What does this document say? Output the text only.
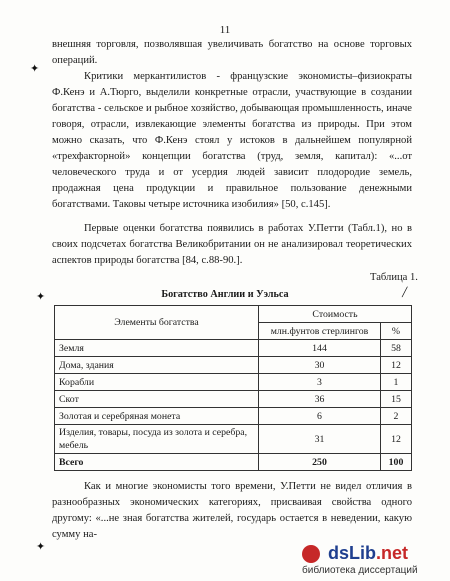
11
✦
✦
✦
╱

внешняя торговля, позволявшая увеличивать богатство на основе торговых операций.

Критики меркантилистов - французские экономисты–физиократы Ф.Кенэ и А.Тюрго, выделили конкретные отрасли, участвующие в создании богатства - сельское и рыбное хозяйство, добывающая промышленность, иначе говоря, отрасли, извлекающие элементы богатства из природы. При этом можно сказать, что Ф.Кенэ стоял у истоков в дальнейшем популярной «трехфакторной» концепции богатства (труд, земля, капитал): «...от человеческого труда и от усердия людей зависит плодородие земель, продажная цена продукции и правильное пользование денежными богатствами. Таковы четыре источника изобилия» [50, с.145].

Первые оценки богатства появились в работах У.Петти (Табл.1), но в своих подсчетах богатства Великобритании он не анализировал теоретических аспектов природы богатства [84, с.88-90.].

Таблица 1.
Богатство Англии и Уэльса
Элементы богатства	Стоимость	
	млн.фунтов стерлингов	%
Земля	144	58
Дома, здания	30	12
Корабли	3	1
Скот	36	15
Золотая и серебряная монета	6	2
Изделия, товары, посуда из золота и серебра, мебель	31	12
Всего	250	100

Как и многие экономисты того времени, У.Петти не видел отличия в разнообразных экономических категориях, присваивая свойства одного другому: «...не зная богатства жителей, государь остается в неведении, какую сумму на-

dsLib.net
библиотека диссертаций
